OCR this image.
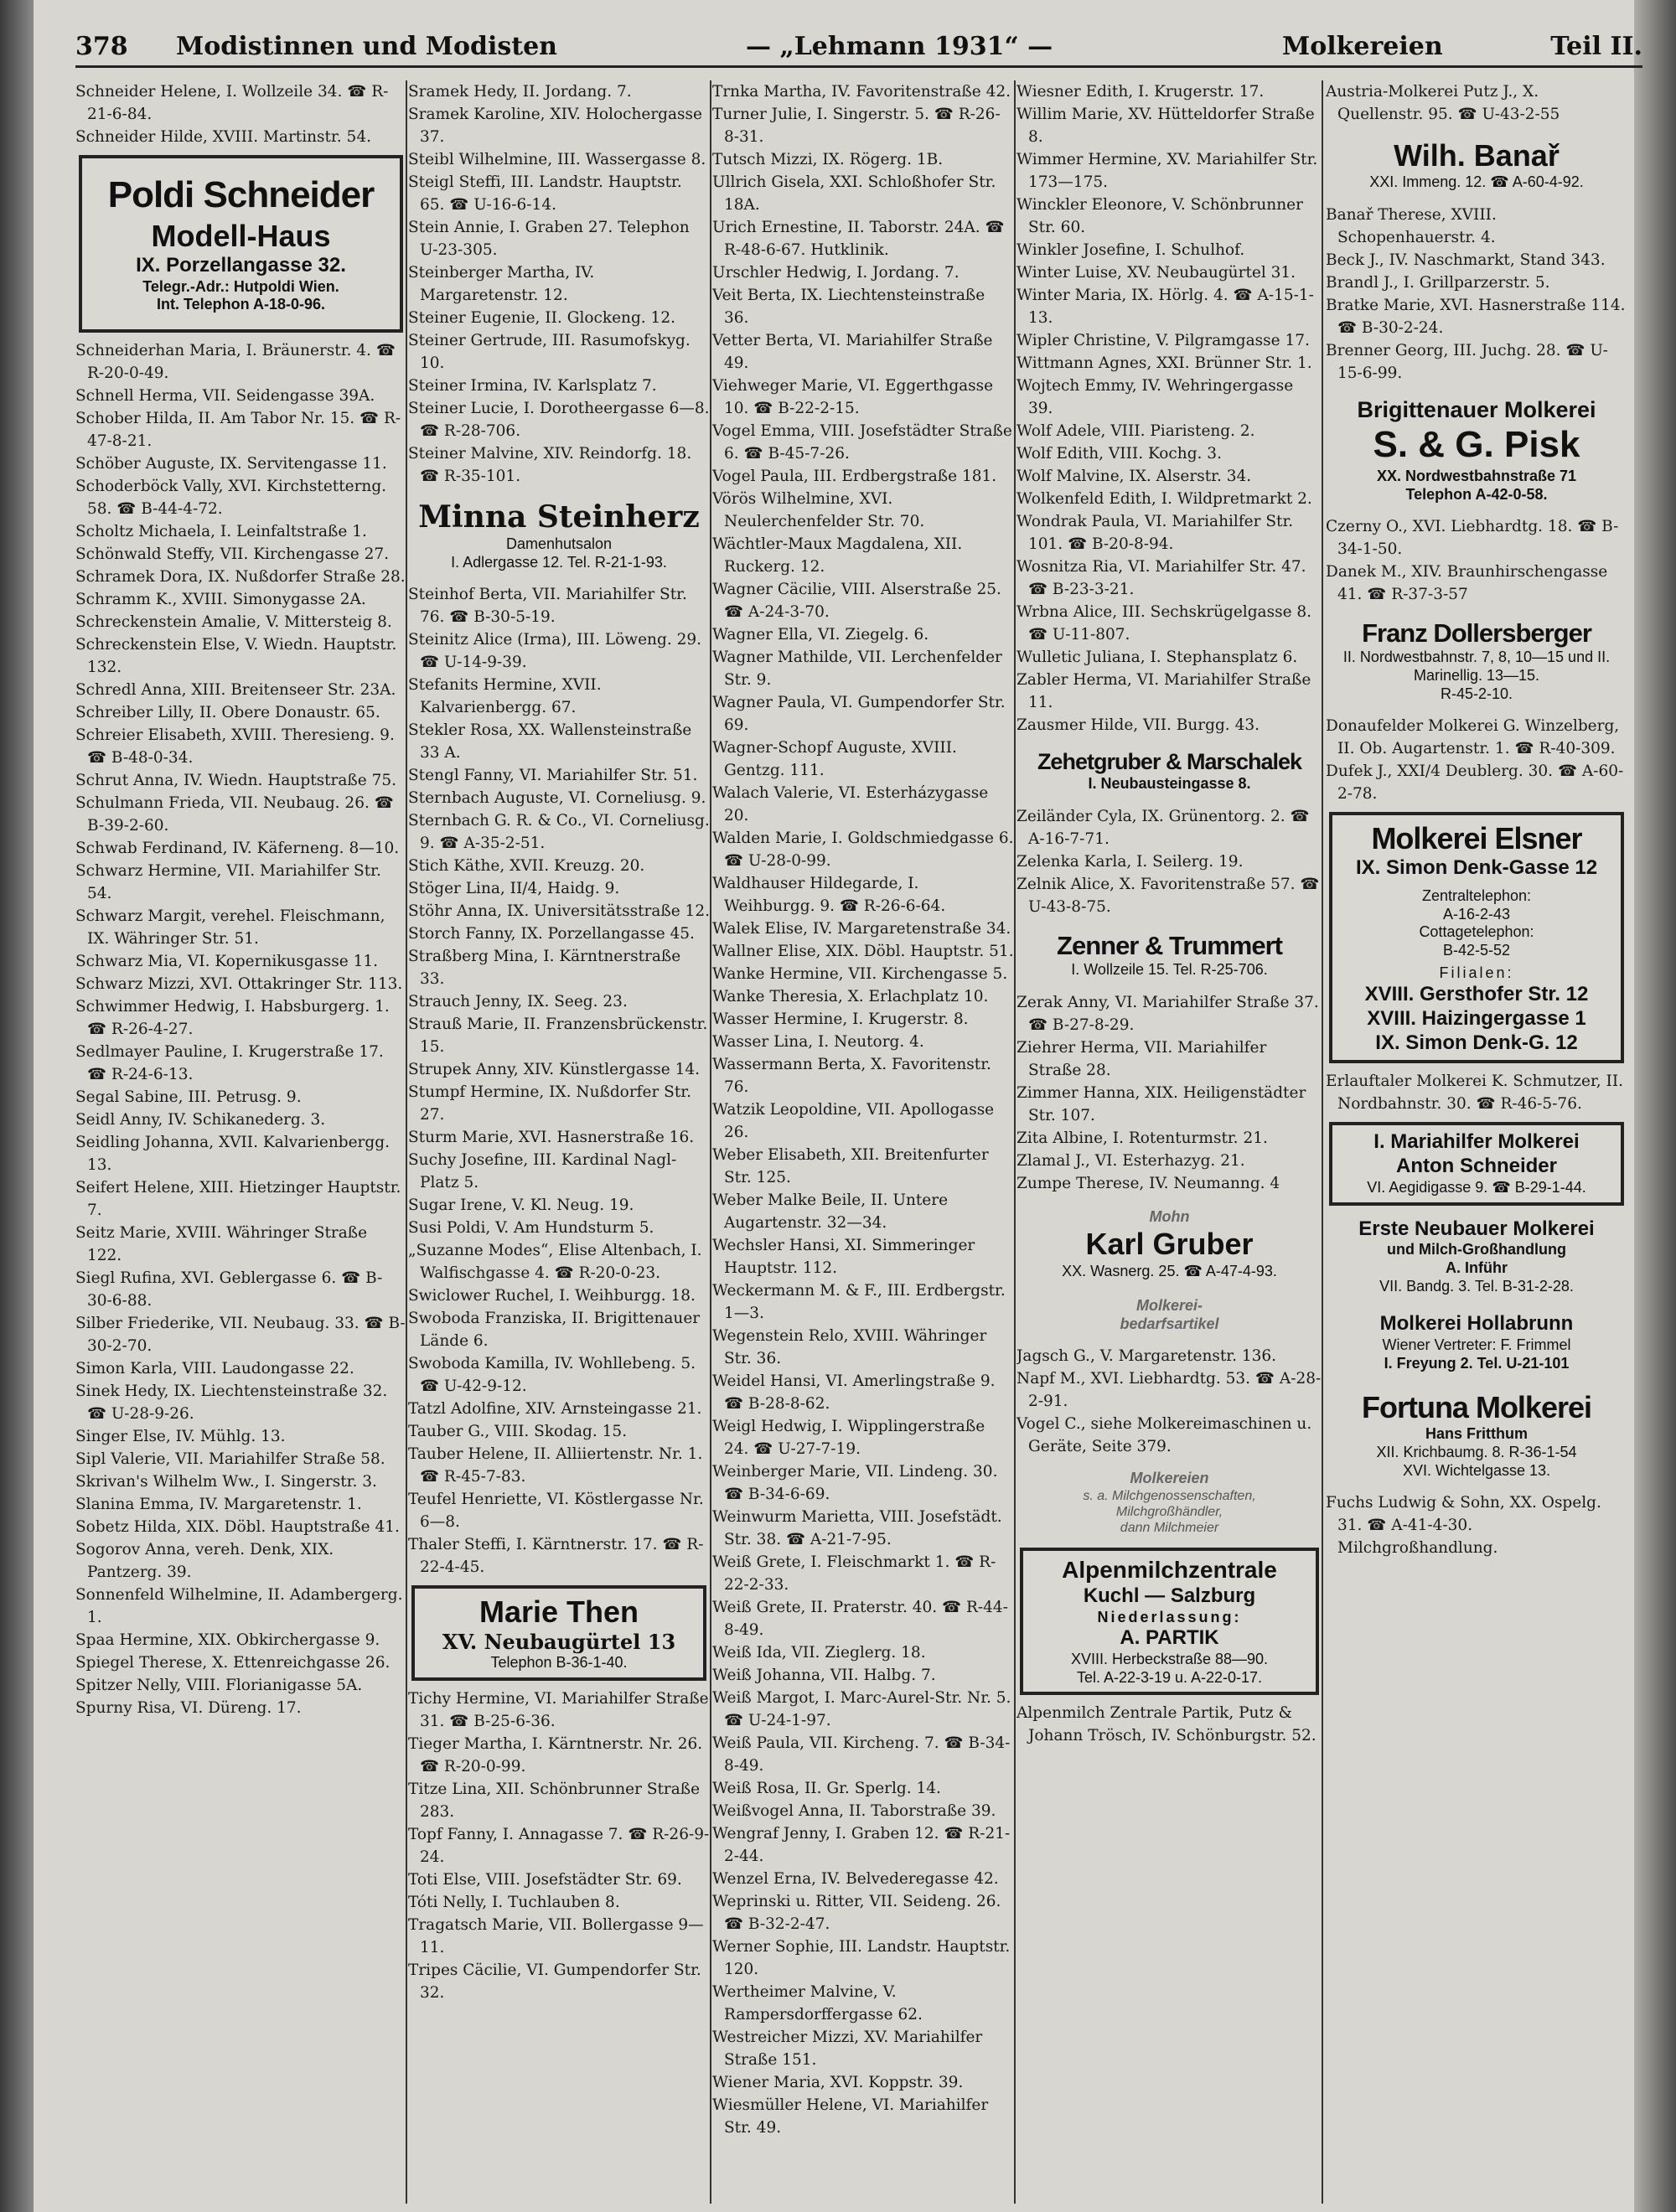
378 Modistinnen und Modisten	— „Lehmann 1931“ —	Molkereien	Teil II.

Schneider Helene, I. Wollzeile 34. ☎ R-21-6-84.

Schneider Hilde, XVIII. Martinstr. 54.

Poldi Schneider
Modell-Haus
IX. Porzellangasse 32.
Telegr.-Adr.: Hutpoldi Wien.
Int. Telephon A-18-0-96.

Schneiderhan Maria, I. Bräunerstr. 4. ☎ R-20-0-49.

Schnell Herma, VII. Seidengasse 39A.

Schober Hilda, II. Am Tabor Nr. 15. ☎ R-47-8-21.

Schöber Auguste, IX. Servitengasse 11.

Schoderböck Vally, XVI. Kirchstetterng. 58. ☎ B-44-4-72.

Scholtz Michaela, I. Leinfaltstraße 1.

Schönwald Steffy, VII. Kirchengasse 27.

Schramek Dora, IX. Nußdorfer Straße 28.

Schramm K., XVIII. Simonygasse 2A.

Schreckenstein Amalie, V. Mittersteig 8.

Schreckenstein Else, V. Wiedn. Hauptstr. 132.

Schredl Anna, XIII. Breitenseer Str. 23A.

Schreiber Lilly, II. Obere Donaustr. 65.

Schreier Elisabeth, XVIII. Theresieng. 9. ☎ B-48-0-34.

Schrut Anna, IV. Wiedn. Hauptstraße 75.

Schulmann Frieda, VII. Neubaug. 26. ☎ B-39-2-60.

Schwab Ferdinand, IV. Käferneng. 8—10.

Schwarz Hermine, VII. Mariahilfer Str. 54.

Schwarz Margit, verehel. Fleischmann, IX. Währinger Str. 51.

Schwarz Mia, VI. Kopernikusgasse 11.

Schwarz Mizzi, XVI. Ottakringer Str. 113.

Schwimmer Hedwig, I. Habsburgerg. 1. ☎ R-26-4-27.

Sedlmayer Pauline, I. Krugerstraße 17. ☎ R-24-6-13.

Segal Sabine, III. Petrusg. 9.

Seidl Anny, IV. Schikanederg. 3.

Seidling Johanna, XVII. Kalvarienbergg. 13.

Seifert Helene, XIII. Hietzinger Hauptstr. 7.

Seitz Marie, XVIII. Währinger Straße 122.

Siegl Rufina, XVI. Geblergasse 6. ☎ B-30-6-88.

Silber Friederike, VII. Neubaug. 33. ☎ B-30-2-70.

Simon Karla, VIII. Laudongasse 22.

Sinek Hedy, IX. Liechtensteinstraße 32. ☎ U-28-9-26.

Singer Else, IV. Mühlg. 13.

Sipl Valerie, VII. Mariahilfer Straße 58.

Skrivan's Wilhelm Ww., I. Singerstr. 3.

Slanina Emma, IV. Margaretenstr. 1.

Sobetz Hilda, XIX. Döbl. Hauptstraße 41.

Sogorov Anna, vereh. Denk, XIX. Pantzerg. 39.

Sonnenfeld Wilhelmine, II. Adambergerg. 1.

Spaa Hermine, XIX. Obkirchergasse 9.

Spiegel Therese, X. Ettenreichgasse 26.

Spitzer Nelly, VIII. Florianigasse 5A.

Spurny Risa, VI. Düreng. 17.

Sramek Hedy, II. Jordang. 7.

Sramek Karoline, XIV. Holochergasse 37.

Steibl Wilhelmine, III. Wassergasse 8.

Steigl Steffi, III. Landstr. Hauptstr. 65. ☎ U-16-6-14.

Stein Annie, I. Graben 27. Telephon U-23-305.

Steinberger Martha, IV. Margaretenstr. 12.

Steiner Eugenie, II. Glockeng. 12.

Steiner Gertrude, III. Rasumofskyg. 10.

Steiner Irmina, IV. Karlsplatz 7.

Steiner Lucie, I. Dorotheergasse 6—8. ☎ R-28-706.

Steiner Malvine, XIV. Reindorfg. 18. ☎ R-35-101.

Minna Steinherz
Damenhutsalon
I. Adlergasse 12. Tel. R-21-1-93.

Steinhof Berta, VII. Mariahilfer Str. 76. ☎ B-30-5-19.

Steinitz Alice (Irma), III. Löweng. 29. ☎ U-14-9-39.

Stefanits Hermine, XVII. Kalvarienbergg. 67.

Stekler Rosa, XX. Wallensteinstraße 33 A.

Stengl Fanny, VI. Mariahilfer Str. 51.

Sternbach Auguste, VI. Corneliusg. 9.

Sternbach G. R. & Co., VI. Corneliusg. 9. ☎ A-35-2-51.

Stich Käthe, XVII. Kreuzg. 20.

Stöger Lina, II/4, Haidg. 9.

Stöhr Anna, IX. Universitätsstraße 12.

Storch Fanny, IX. Porzellangasse 45.

Straßberg Mina, I. Kärntnerstraße 33.

Strauch Jenny, IX. Seeg. 23.

Strauß Marie, II. Franzensbrückenstr. 15.

Strupek Anny, XIV. Künstlergasse 14.

Stumpf Hermine, IX. Nußdorfer Str. 27.

Sturm Marie, XVI. Hasnerstraße 16.

Suchy Josefine, III. Kardinal Nagl-Platz 5.

Sugar Irene, V. Kl. Neug. 19.

Susi Poldi, V. Am Hundsturm 5.

„Suzanne Modes“, Elise Altenbach, I. Walfischgasse 4. ☎ R-20-0-23.

Swiclower Ruchel, I. Weihburgg. 18.

Swoboda Franziska, II. Brigittenauer Lände 6.

Swoboda Kamilla, IV. Wohllebeng. 5. ☎ U-42-9-12.

Tatzl Adolfine, XIV. Arnsteingasse 21.

Tauber G., VIII. Skodag. 15.

Tauber Helene, II. Alliiertenstr. Nr. 1. ☎ R-45-7-83.

Teufel Henriette, VI. Köstlergasse Nr. 6—8.

Thaler Steffi, I. Kärntnerstr. 17. ☎ R-22-4-45.

Marie Then
XV. Neubaugürtel 13
Telephon B-36-1-40.

Tichy Hermine, VI. Mariahilfer Straße 31. ☎ B-25-6-36.

Tieger Martha, I. Kärntnerstr. Nr. 26. ☎ R-20-0-99.

Titze Lina, XII. Schönbrunner Straße 283.

Topf Fanny, I. Annagasse 7. ☎ R-26-9-24.

Toti Else, VIII. Josefstädter Str. 69.

Tóti Nelly, I. Tuchlauben 8.

Tragatsch Marie, VII. Bollergasse 9—11.

Tripes Cäcilie, VI. Gumpendorfer Str. 32.

Trnka Martha, IV. Favoritenstraße 42.

Turner Julie, I. Singerstr. 5. ☎ R-26-8-31.

Tutsch Mizzi, IX. Rögerg. 1B.

Ullrich Gisela, XXI. Schloßhofer Str. 18A.

Urich Ernestine, II. Taborstr. 24A. ☎ R-48-6-67. Hutklinik.

Urschler Hedwig, I. Jordang. 7.

Veit Berta, IX. Liechtensteinstraße 36.

Vetter Berta, VI. Mariahilfer Straße 49.

Viehweger Marie, VI. Eggerthgasse 10. ☎ B-22-2-15.

Vogel Emma, VIII. Josefstädter Straße 6. ☎ B-45-7-26.

Vogel Paula, III. Erdbergstraße 181.

Vörös Wilhelmine, XVI. Neulerchenfelder Str. 70.

Wächtler-Maux Magdalena, XII. Ruckerg. 12.

Wagner Cäcilie, VIII. Alserstraße 25. ☎ A-24-3-70.

Wagner Ella, VI. Ziegelg. 6.

Wagner Mathilde, VII. Lerchenfelder Str. 9.

Wagner Paula, VI. Gumpendorfer Str. 69.

Wagner-Schopf Auguste, XVIII. Gentzg. 111.

Walach Valerie, VI. Esterházygasse 20.

Walden Marie, I. Goldschmiedgasse 6. ☎ U-28-0-99.

Waldhauser Hildegarde, I. Weihburgg. 9. ☎ R-26-6-64.

Walek Elise, IV. Margaretenstraße 34.

Wallner Elise, XIX. Döbl. Hauptstr. 51.

Wanke Hermine, VII. Kirchengasse 5.

Wanke Theresia, X. Erlachplatz 10.

Wasser Hermine, I. Krugerstr. 8.

Wasser Lina, I. Neutorg. 4.

Wassermann Berta, X. Favoritenstr. 76.

Watzik Leopoldine, VII. Apollogasse 26.

Weber Elisabeth, XII. Breitenfurter Str. 125.

Weber Malke Beile, II. Untere Augartenstr. 32—34.

Wechsler Hansi, XI. Simmeringer Hauptstr. 112.

Weckermann M. & F., III. Erdbergstr. 1—3.

Wegenstein Relo, XVIII. Währinger Str. 36.

Weidel Hansi, VI. Amerlingstraße 9. ☎ B-28-8-62.

Weigl Hedwig, I. Wipplingerstraße 24. ☎ U-27-7-19.

Weinberger Marie, VII. Lindeng. 30. ☎ B-34-6-69.

Weinwurm Marietta, VIII. Josefstädt. Str. 38. ☎ A-21-7-95.

Weiß Grete, I. Fleischmarkt 1. ☎ R-22-2-33.

Weiß Grete, II. Praterstr. 40. ☎ R-44-8-49.

Weiß Ida, VII. Zieglerg. 18.

Weiß Johanna, VII. Halbg. 7.

Weiß Margot, I. Marc-Aurel-Str. Nr. 5. ☎ U-24-1-97.

Weiß Paula, VII. Kircheng. 7. ☎ B-34-8-49.

Weiß Rosa, II. Gr. Sperlg. 14.

Weißvogel Anna, II. Taborstraße 39.

Wengraf Jenny, I. Graben 12. ☎ R-21-2-44.

Wenzel Erna, IV. Belvederegasse 42.

Weprinski u. Ritter, VII. Seideng. 26. ☎ B-32-2-47.

Werner Sophie, III. Landstr. Hauptstr. 120.

Wertheimer Malvine, V. Rampersdorffergasse 62.

Westreicher Mizzi, XV. Mariahilfer Straße 151.

Wiener Maria, XVI. Koppstr. 39.

Wiesmüller Helene, VI. Mariahilfer Str. 49.

Wiesner Edith, I. Krugerstr. 17.

Willim Marie, XV. Hütteldorfer Straße 8.

Wimmer Hermine, XV. Mariahilfer Str. 173—175.

Winckler Eleonore, V. Schönbrunner Str. 60.

Winkler Josefine, I. Schulhof.

Winter Luise, XV. Neubaugürtel 31.

Winter Maria, IX. Hörlg. 4. ☎ A-15-1-13.

Wipler Christine, V. Pilgramgasse 17.

Wittmann Agnes, XXI. Brünner Str. 1.

Wojtech Emmy, IV. Wehringergasse 39.

Wolf Adele, VIII. Piaristeng. 2.

Wolf Edith, VIII. Kochg. 3.

Wolf Malvine, IX. Alserstr. 34.

Wolkenfeld Edith, I. Wildpretmarkt 2.

Wondrak Paula, VI. Mariahilfer Str. 101. ☎ B-20-8-94.

Wosnitza Ria, VI. Mariahilfer Str. 47. ☎ B-23-3-21.

Wrbna Alice, III. Sechskrügelgasse 8. ☎ U-11-807.

Wulletic Juliana, I. Stephansplatz 6.

Zabler Herma, VI. Mariahilfer Straße 11.

Zausmer Hilde, VII. Burgg. 43.

Zehetgruber & Marschalek
I. Neubausteingasse 8.

Zeiländer Cyla, IX. Grünentorg. 2. ☎ A-16-7-71.

Zelenka Karla, I. Seilerg. 19.

Zelnik Alice, X. Favoritenstraße 57. ☎ U-43-8-75.

Zenner & Trummert
I. Wollzeile 15. Tel. R-25-706.

Zerak Anny, VI. Mariahilfer Straße 37. ☎ B-27-8-29.

Ziehrer Herma, VII. Mariahilfer Straße 28.

Zimmer Hanna, XIX. Heiligenstädter Str. 107.

Zita Albine, I. Rotenturmstr. 21.

Zlamal J., VI. Esterhazyg. 21.

Zumpe Therese, IV. Neumanng. 4

Mohn
Karl Gruber
XX. Wasnerg. 25. ☎ A-47-4-93.
Molkerei-
bedarfsartikel

Jagsch G., V. Margaretenstr. 136.

Napf M., XVI. Liebhardtg. 53. ☎ A-28-2-91.

Vogel C., siehe Molkereimaschinen u. Geräte, Seite 379.

Molkereien
s. a. Milchgenossenschaften,
Milchgroßhändler,
dann Milchmeier
Alpenmilchzentrale
Kuchl — Salzburg
Niederlassung:
A. PARTIK
XVIII. Herbeckstraße 88—90.
Tel. A-22-3-19 u. A-22-0-17.

Alpenmilch Zentrale Partik, Putz & Johann Trösch, IV. Schönburgstr. 52.

Austria-Molkerei Putz J., X. Quellenstr. 95. ☎ U-43-2-55

Wilh. Banař
XXI. Immeng. 12. ☎ A-60-4-92.

Banař Therese, XVIII. Schopenhauerstr. 4.

Beck J., IV. Naschmarkt, Stand 343.

Brandl J., I. Grillparzerstr. 5.

Bratke Marie, XVI. Hasnerstraße 114. ☎ B-30-2-24.

Brenner Georg, III. Juchg. 28. ☎ U-15-6-99.

Brigittenauer Molkerei
S. & G. Pisk
XX. Nordwestbahnstraße 71
Telephon A-42-0-58.

Czerny O., XVI. Liebhardtg. 18. ☎ B-34-1-50.

Danek M., XIV. Braunhirschengasse 41. ☎ R-37-3-57

Franz Dollersberger
II. Nordwestbahnstr. 7, 8, 10—15 und II. Marinellig. 13—15.
R-45-2-10.

Donaufelder Molkerei G. Winzelberg, II. Ob. Augartenstr. 1. ☎ R-40-309.

Dufek J., XXI/4 Deublerg. 30. ☎ A-60-2-78.

Molkerei Elsner
IX. Simon Denk-Gasse 12
Zentraltelephon:
A-16-2-43
Cottagetelephon:
B-42-5-52
Filialen:
XVIII. Gersthofer Str. 12
XVIII. Haizingergasse 1
IX. Simon Denk-G. 12

Erlauftaler Molkerei K. Schmutzer, II. Nordbahnstr. 30. ☎ R-46-5-76.

I. Mariahilfer Molkerei
Anton Schneider
VI. Aegidigasse 9. ☎ B-29-1-44.
Erste Neubauer Molkerei
und Milch-Großhandlung
A. Inführ
VII. Bandg. 3. Tel. B-31-2-28.
Molkerei Hollabrunn
Wiener Vertreter: F. Frimmel
I. Freyung 2. Tel. U-21-101
Fortuna Molkerei
Hans Fritthum
XII. Krichbaumg. 8. R-36-1-54
XVI. Wichtelgasse 13.

Fuchs Ludwig & Sohn, XX. Ospelg. 31. ☎ A-41-4-30. Milchgroßhandlung.
